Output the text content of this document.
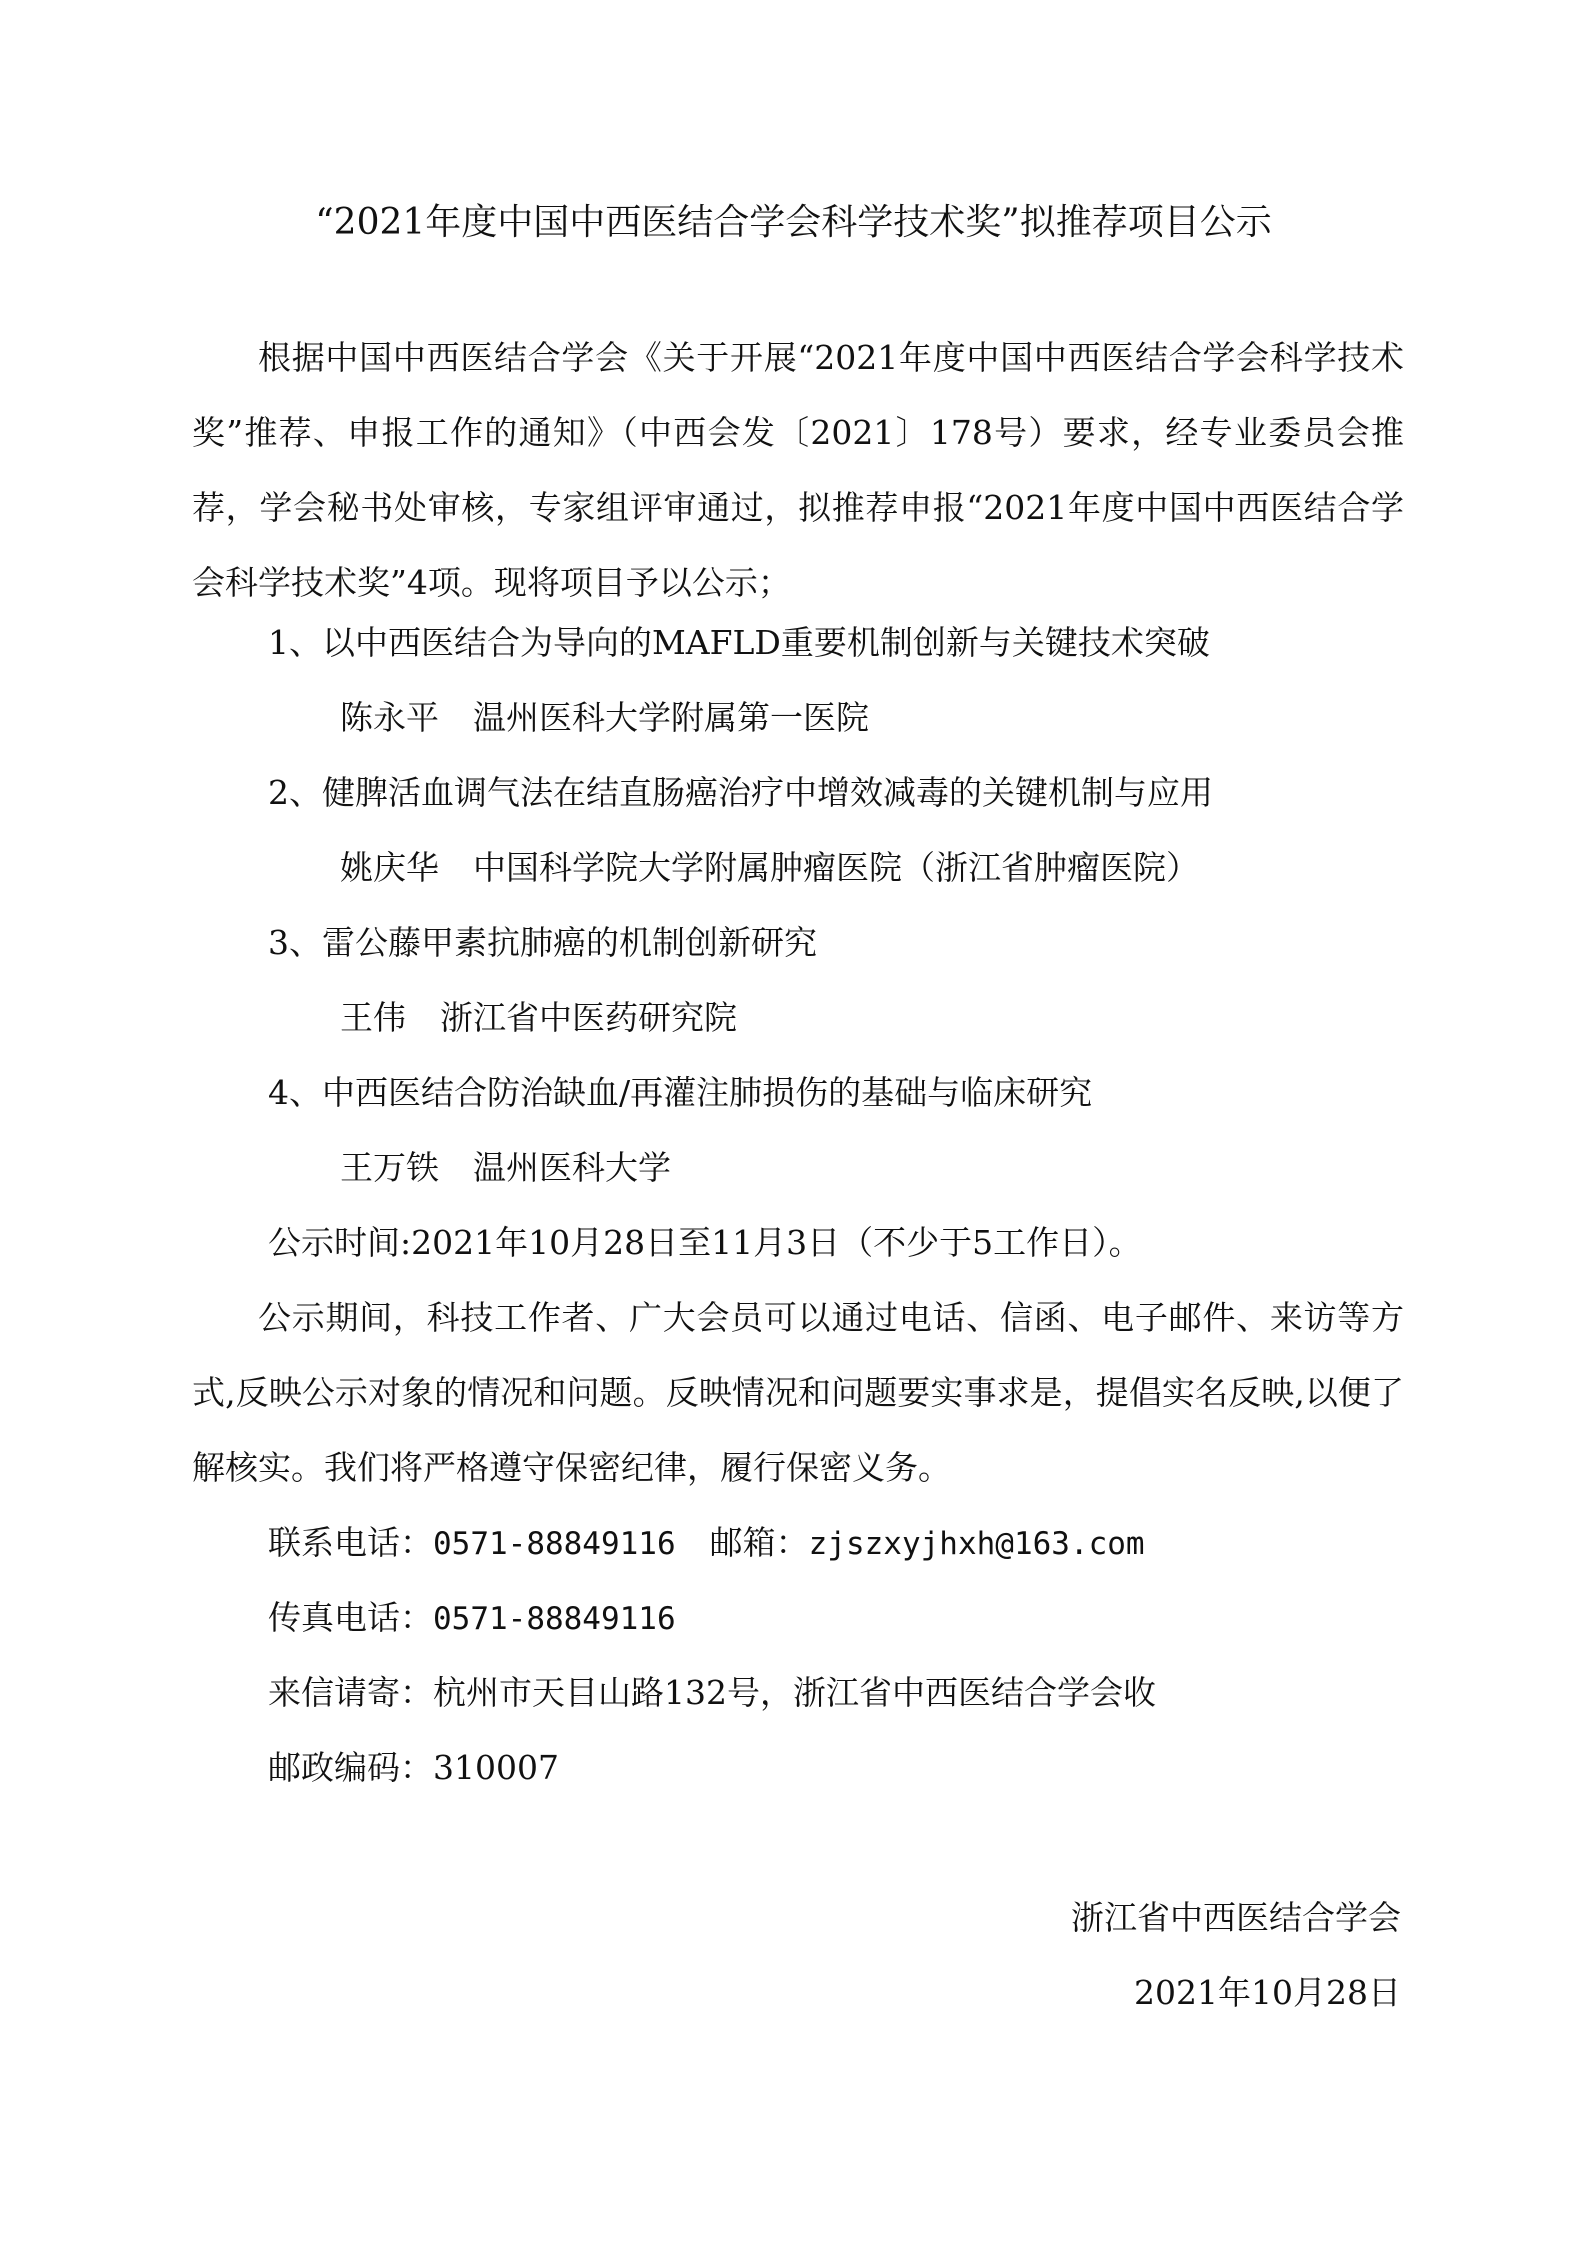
“2021年度中国中西医结合学会科学技术奖”拟推荐项目公示
根据中国中西医结合学会《关于开展“2021年度中国中西医结合学会科学技术奖”推荐、申报工作的通知》（中西会发〔2021〕178号）要求，经专业委员会推荐，学会秘书处审核，专家组评审通过，拟推荐申报“2021年度中国中西医结合学会科学技术奖”4项。现将项目予以公示；
1、以中西医结合为导向的MAFLD重要机制创新与关键技术突破
陈永平 温州医科大学附属第一医院
2、健脾活血调气法在结直肠癌治疗中增效减毒的关键机制与应用
姚庆华 中国科学院大学附属肿瘤医院（浙江省肿瘤医院）
3、雷公藤甲素抗肺癌的机制创新研究
王伟 浙江省中医药研究院
4、中西医结合防治缺血/再灌注肺损伤的基础与临床研究
王万铁 温州医科大学
公示时间:2021年10月28日至11月3日（不少于5工作日）。
公示期间，科技工作者、广大会员可以通过电话、信函、电子邮件、来访等方式,反映公示对象的情况和问题。反映情况和问题要实事求是，提倡实名反映,以便了解核实。我们将严格遵守保密纪律，履行保密义务。
联系电话：0571-88849116 邮箱：zjszxyjhxh@163.com
传真电话：0571-88849116
来信请寄：杭州市天目山路132号，浙江省中西医结合学会收
邮政编码：310007
浙江省中西医结合学会
2021年10月28日
